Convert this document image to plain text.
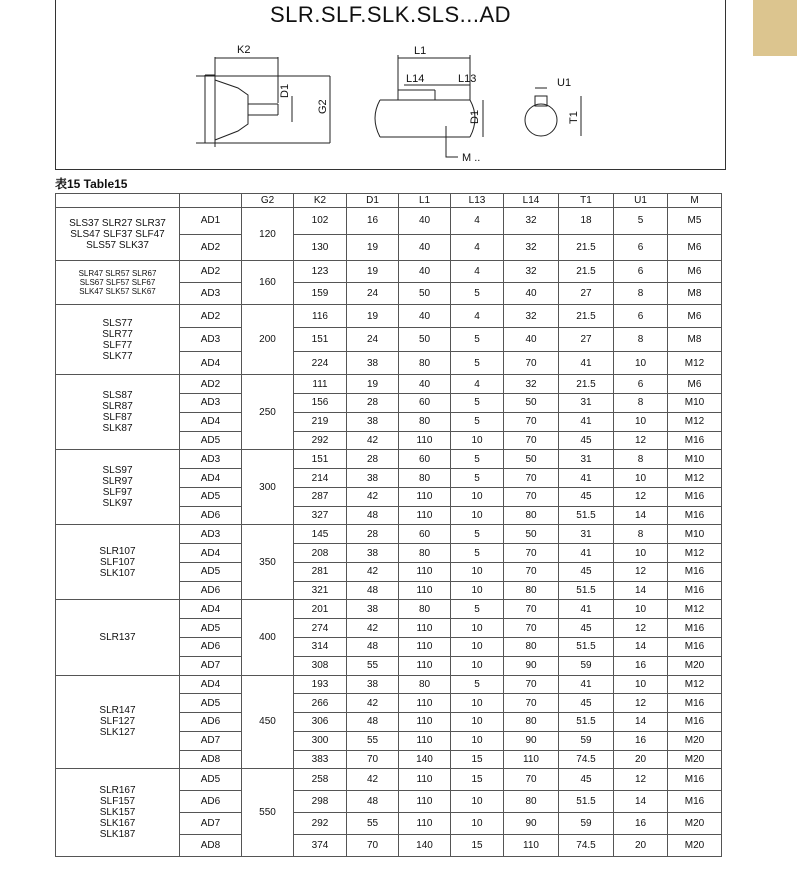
SLR.SLF.SLK.SLS...AD
K2
D1
G2
L1
L14	L13
D1
M ..
U1
T1
表15 Table15
		G2	K2	D1	L1	L13	L14	T1	U1	M

SLS37 SLR27 SLR37
SLS47 SLF37 SLF47
SLS57 SLK37	AD1	120	102	16	40	4	32	18	5	M5
	AD2		130	19	40	4	32	21.5	6	M6

SLR47 SLR57 SLR67
SLS67 SLF57 SLF67
SLK47 SLK57 SLK67	AD2	160	123	19	40	4	32	21.5	6	M6
	AD3		159	24	50	5	40	27	8	M8

SLS77
SLR77
SLF77
SLK77	AD2	200	116	19	40	4	32	21.5	6	M6
	AD3		151	24	50	5	40	27	8	M8
	AD4		224	38	80	5	70	41	10	M12

SLS87
SLR87
SLF87
SLK87	AD2	250	111	19	40	4	32	21.5	6	M6
	AD3		156	28	60	5	50	31	8	M10
	AD4		219	38	80	5	70	41	10	M12
	AD5		292	42	110	10	70	45	12	M16

SLS97
SLR97
SLF97
SLK97	AD3	300	151	28	60	5	50	31	8	M10
	AD4		214	38	80	5	70	41	10	M12
	AD5		287	42	110	10	70	45	12	M16
	AD6		327	48	110	10	80	51.5	14	M16

SLR107
SLF107
SLK107	AD3	350	145	28	60	5	50	31	8	M10
	AD4		208	38	80	5	70	41	10	M12
	AD5		281	42	110	10	70	45	12	M16
	AD6		321	48	110	10	80	51.5	14	M16

SLR137	AD4	400	201	38	80	5	70	41	10	M12
	AD5		274	42	110	10	70	45	12	M16
	AD6		314	48	110	10	80	51.5	14	M16
	AD7		308	55	110	10	90	59	16	M20

SLR147
SLF127
SLK127	AD4	450	193	38	80	5	70	41	10	M12
	AD5		266	42	110	10	70	45	12	M16
	AD6		306	48	110	10	80	51.5	14	M16
	AD7		300	55	110	10	90	59	16	M20
	AD8		383	70	140	15	110	74.5	20	M20

SLR167
SLF157
SLK157
SLK167
SLK187	AD5	550	258	42	110	15	70	45	12	M16
	AD6		298	48	110	10	80	51.5	14	M16
	AD7		292	55	110	10	90	59	16	M20
	AD8		374	70	140	15	110	74.5	20	M20
